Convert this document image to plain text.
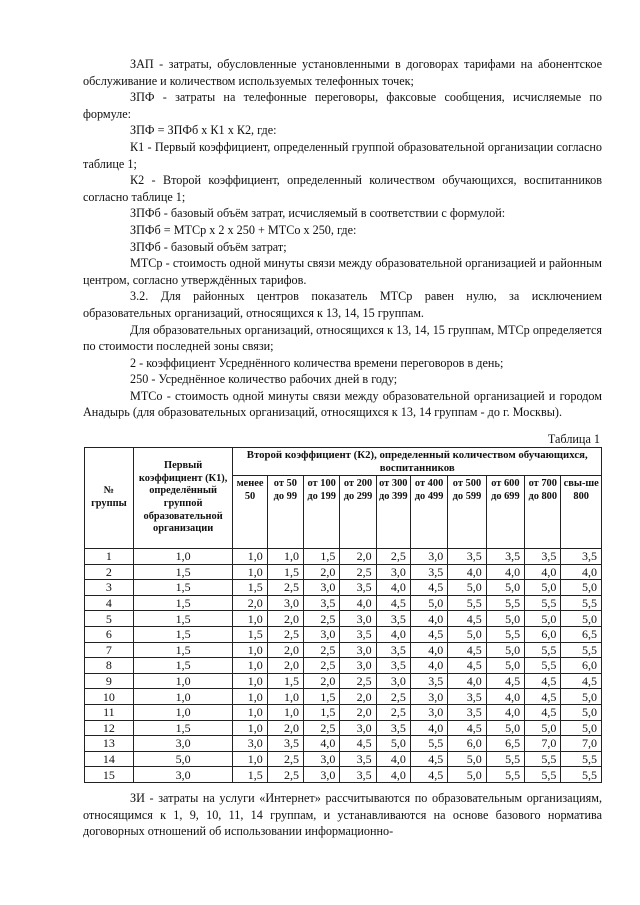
ЗАП - затраты, обусловленные установленными в договорах тарифами на абонентское обслуживание и количеством используемых телефонных точек;

ЗПФ - затраты на телефонные переговоры, факсовые сообщения, исчисляемые по формуле:

ЗПФ = ЗПФб х К1 х К2, где:

К1 - Первый коэффициент, определенный группой образовательной организации согласно таблице 1;

К2 - Второй коэффициент, определенный количеством обучающихся, воспитанников согласно таблице 1;

ЗПФб - базовый объём затрат, исчисляемый в соответствии с формулой:

ЗПФб = МТСр х 2 х 250 + МТСо х 250, где:

ЗПФб - базовый объём затрат;

МТСр - стоимость одной минуты связи между образовательной организацией и районным центром, согласно утверждённых тарифов.

3.2. Для районных центров показатель МТСр равен нулю, за исключением образовательных организаций, относящихся к 13, 14, 15 группам.

Для образовательных организаций, относящихся к 13, 14, 15 группам, МТСр определяется по стоимости последней зоны связи;

2 - коэффициент Усреднённого количества времени переговоров в день;

250 - Усреднённое количество рабочих дней в году;

МТСо - стоимость одной минуты связи между образовательной организацией и городом Анадырь (для образовательных организаций, относящихся к 13, 14 группам - до г. Москвы).

Таблица 1
№ группы	Первый коэффициент (К1), определённый группой образовательной организации	Второй коэффициент (К2), определенный количеством обучающихся, воспитанников									
		менее 50	от 50 до 99	от 100 до 199	от 200 до 299	от 300 до 399	от 400 до 499	от 500 до 599	от 600 до 699	от 700 до 800	свы-ше 800
1	1,0	1,0	1,0	1,5	2,0	2,5	3,0	3,5	3,5	3,5	3,5
2	1,5	1,0	1,5	2,0	2,5	3,0	3,5	4,0	4,0	4,0	4,0
3	1,5	1,5	2,5	3,0	3,5	4,0	4,5	5,0	5,0	5,0	5,0
4	1,5	2,0	3,0	3,5	4,0	4,5	5,0	5,5	5,5	5,5	5,5
5	1,5	1,0	2,0	2,5	3,0	3,5	4,0	4,5	5,0	5,0	5,0
6	1,5	1,5	2,5	3,0	3,5	4,0	4,5	5,0	5,5	6,0	6,5
7	1,5	1,0	2,0	2,5	3,0	3,5	4,0	4,5	5,0	5,5	5,5
8	1,5	1,0	2,0	2,5	3,0	3,5	4,0	4,5	5,0	5,5	6,0
9	1,0	1,0	1,5	2,0	2,5	3,0	3,5	4,0	4,5	4,5	4,5
10	1,0	1,0	1,0	1,5	2,0	2,5	3,0	3,5	4,0	4,5	5,0
11	1,0	1,0	1,0	1,5	2,0	2,5	3,0	3,5	4,0	4,5	5,0
12	1,5	1,0	2,0	2,5	3,0	3,5	4,0	4,5	5,0	5,0	5,0
13	3,0	3,0	3,5	4,0	4,5	5,0	5,5	6,0	6,5	7,0	7,0
14	5,0	1,0	2,5	3,0	3,5	4,0	4,5	5,0	5,5	5,5	5,5
15	3,0	1,5	2,5	3,0	3,5	4,0	4,5	5,0	5,5	5,5	5,5

ЗИ - затраты на услуги «Интернет» рассчитываются по образовательным организациям, относящимся к 1, 9, 10, 11, 14 группам, и устанавливаются на основе базового норматива договорных отношений об использовании информационно-
